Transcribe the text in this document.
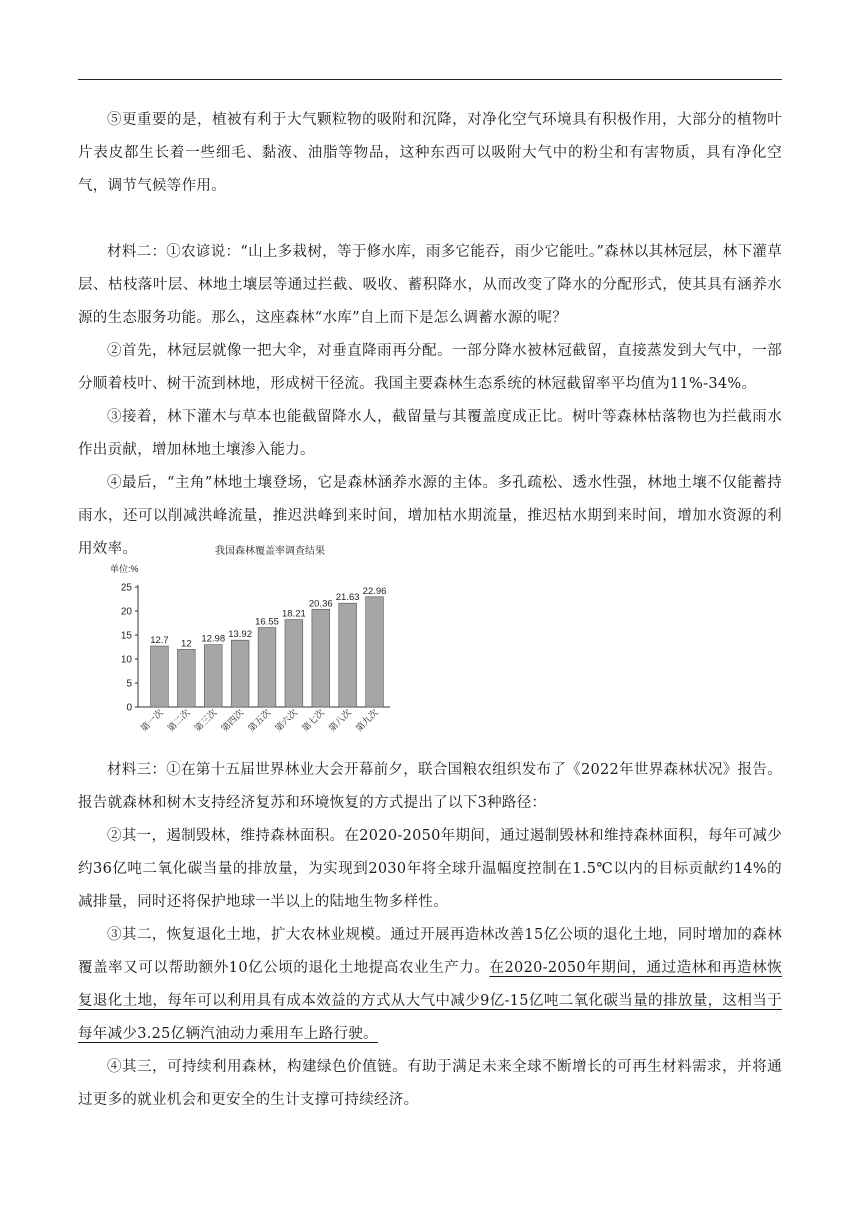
⑤更重要的是，植被有利于大气颗粒物的吸附和沉降，对净化空气环境具有积极作用，大部分的植物叶片表皮都生长着一些细毛、黏液、油脂等物品，这种东西可以吸附大气中的粉尘和有害物质，具有净化空气，调节气候等作用。

材料二：①农谚说：“山上多栽树，等于修水库，雨多它能吞，雨少它能吐。”森林以其林冠层，林下灌草层、枯枝落叶层、林地土壤层等通过拦截、吸收、蓄积降水，从而改变了降水的分配形式，使其具有涵养水源的生态服务功能。那么，这座森林“水库”自上而下是怎么调蓄水源的呢？

②首先，林冠层就像一把大伞，对垂直降雨再分配。一部分降水被林冠截留，直接蒸发到大气中，一部分顺着枝叶、树干流到林地，形成树干径流。我国主要森林生态系统的林冠截留率平均值为11%-34%。

③接着，林下灌木与草本也能截留降水人，截留量与其覆盖度成正比。树叶等森林枯落物也为拦截雨水作出贡献，增加林地土壤渗入能力。

④最后，“主角”林地土壤登场，它是森林涵养水源的主体。多孔疏松、透水性强，林地土壤不仅能蓄持雨水，还可以削减洪峰流量，推迟洪峰到来时间，增加枯水期流量，推迟枯水期到来时间，增加水资源的利用效率。	我国森林覆盖率调查结果
单位:%
0
5
10
15
20
25
12.7
第一次
12
第二次
12.98
第三次
13.92
第四次
16.55
第五次
18.21
第六次
20.36
第七次
21.63
第八次
22.96
第九次

材料三：①在第十五届世界林业大会开幕前夕，联合国粮农组织发布了《2022年世界森林状况》报告。报告就森林和树木支持经济复苏和环境恢复的方式提出了以下3种路径：

②其一，遏制毁林，维持森林面积。在2020-2050年期间，通过遏制毁林和维持森林面积，每年可减少约36亿吨二氧化碳当量的排放量，为实现到2030年将全球升温幅度控制在1.5℃以内的目标贡献约14%的减排量，同时还将保护地球一半以上的陆地生物多样性。

③其二，恢复退化土地，扩大农林业规模。通过开展再造林改善15亿公顷的退化土地，同时增加的森林覆盖率又可以帮助额外10亿公顷的退化土地提高农业生产力。在2020-2050年期间，通过造林和再造林恢复退化土地，每年可以利用具有成本效益的方式从大气中减少9亿-15亿吨二氧化碳当量的排放量，这相当于每年减少3.25亿辆汽油动力乘用车上路行驶。

④其三，可持续利用森林，构建绿色价值链。有助于满足未来全球不断增长的可再生材料需求，并将通过更多的就业机会和更安全的生计支撑可持续经济。
